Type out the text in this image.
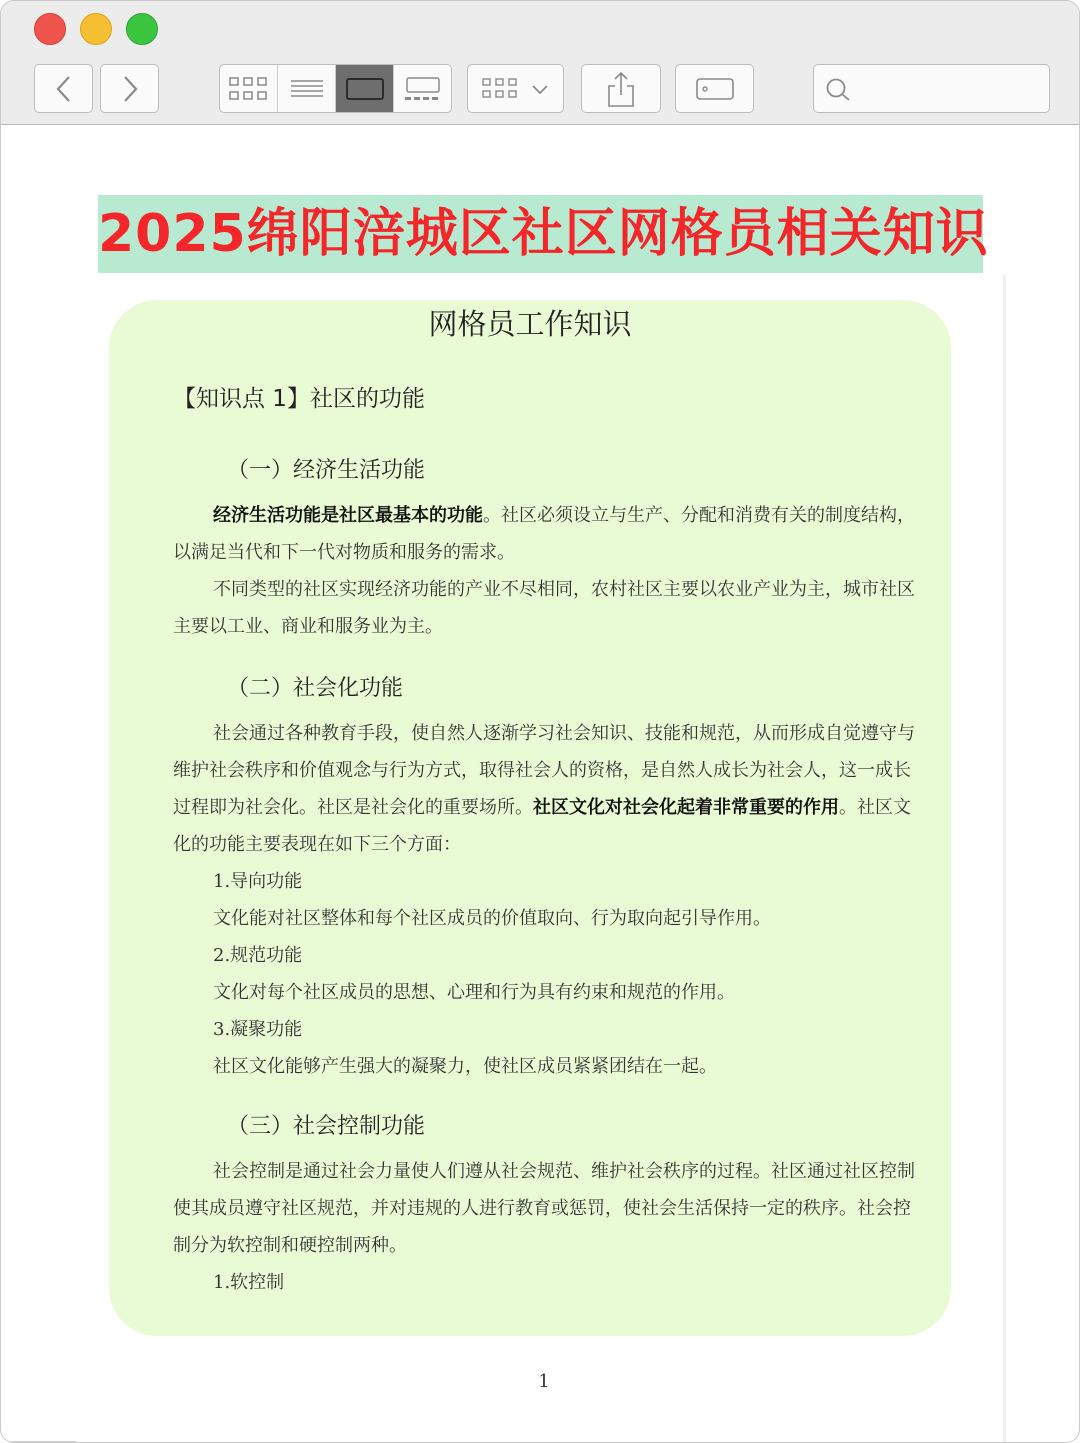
2025绵阳涪城区社区网格员相关知识
网格员工作知识
【知识点 1】社区的功能
（一）经济生活功能
经济生活功能是社区最基本的功能。社区必须设立与生产、分配和消费有关的制度结构，以满足当代和下一代对物质和服务的需求。
不同类型的社区实现经济功能的产业不尽相同，农村社区主要以农业产业为主，城市社区主要以工业、商业和服务业为主。
（二）社会化功能
社会通过各种教育手段，使自然人逐渐学习社会知识、技能和规范，从而形成自觉遵守与维护社会秩序和价值观念与行为方式，取得社会人的资格，是自然人成长为社会人，这一成长过程即为社会化。社区是社会化的重要场所。社区文化对社会化起着非常重要的作用。社区文化的功能主要表现在如下三个方面：
1.导向功能
文化能对社区整体和每个社区成员的价值取向、行为取向起引导作用。
2.规范功能
文化对每个社区成员的思想、心理和行为具有约束和规范的作用。
3.凝聚功能
社区文化能够产生强大的凝聚力，使社区成员紧紧团结在一起。
（三）社会控制功能
社会控制是通过社会力量使人们遵从社会规范、维护社会秩序的过程。社区通过社区控制使其成员遵守社区规范，并对违规的人进行教育或惩罚，使社会生活保持一定的秩序。社会控制分为软控制和硬控制两种。
1.软控制
1
